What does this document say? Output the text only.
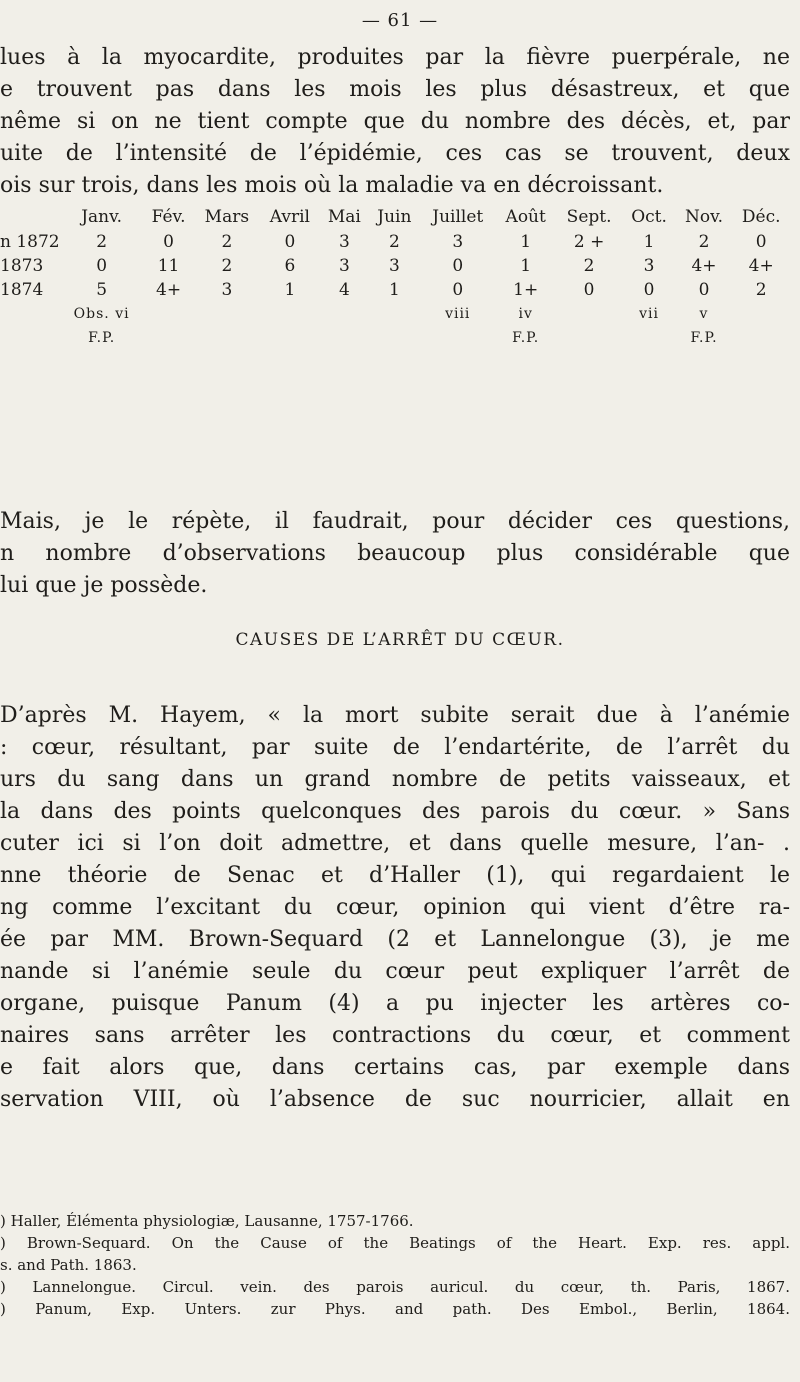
— 61 —

lues à la myocardite, produites par la fièvre puerpérale, ne
e trouvent pas dans les mois les plus désastreux, et que
nême si on ne tient compte que du nombre des décès, et, par
uite de l’intensité de l’épidémie, ces cas se trouvent, deux
ois sur trois, dans les mois où la maladie va en décroissant.

	Janv.	Fév.	Mars	Avril	Mai	Juin	Juillet	Août	Sept.	Oct.	Nov.	Déc.
n 1872	2	0	2	0	3	2	3	1	2 +	1	2	0
1873	0	11	2	6	3	3	0	1	2	3	4+	4+
1874	5	4+	3	1	4	1	0	1+	0	0	0	2
	Obs. vi						viii	iv		vii	v	
	F.P.							F.P.			F.P.	

Mais, je le répète, il faudrait, pour décider ces questions,
n nombre d’observations beaucoup plus considérable que
lui que je possède.

CAUSES DE L’ARRÊT DU CŒUR.

D’après M. Hayem, « la mort subite serait due à l’anémie
: cœur, résultant, par suite de l’endartérite, de l’arrêt du
urs du sang dans un grand nombre de petits vaisseaux, et
la dans des points quelconques des parois du cœur. » Sans
cuter ici si l’on doit admettre, et dans quelle mesure, l’an- .
nne théorie de Senac et d’Haller (1), qui regardaient le
ng comme l’excitant du cœur, opinion qui vient d’être ra-
ée par MM. Brown-Sequard (2 et Lannelongue (3), je me
nande si l’anémie seule du cœur peut expliquer l’arrêt de
organe, puisque Panum (4) a pu injecter les artères co-
naires sans arrêter les contractions du cœur, et comment
e fait alors que, dans certains cas, par exemple dans
servation VIII, où l’absence de suc nourricier, allait en

) Haller, Élémenta physiologiæ, Lausanne, 1757-1766.
) Brown-Sequard. On the Cause of the Beatings of the Heart. Exp. res. appl.
s. and Path. 1863.
) Lannelongue. Circul. vein. des parois auricul. du cœur, th. Paris, 1867.
) Panum, Exp. Unters. zur Phys. and path. Des Embol., Berlin, 1864.
